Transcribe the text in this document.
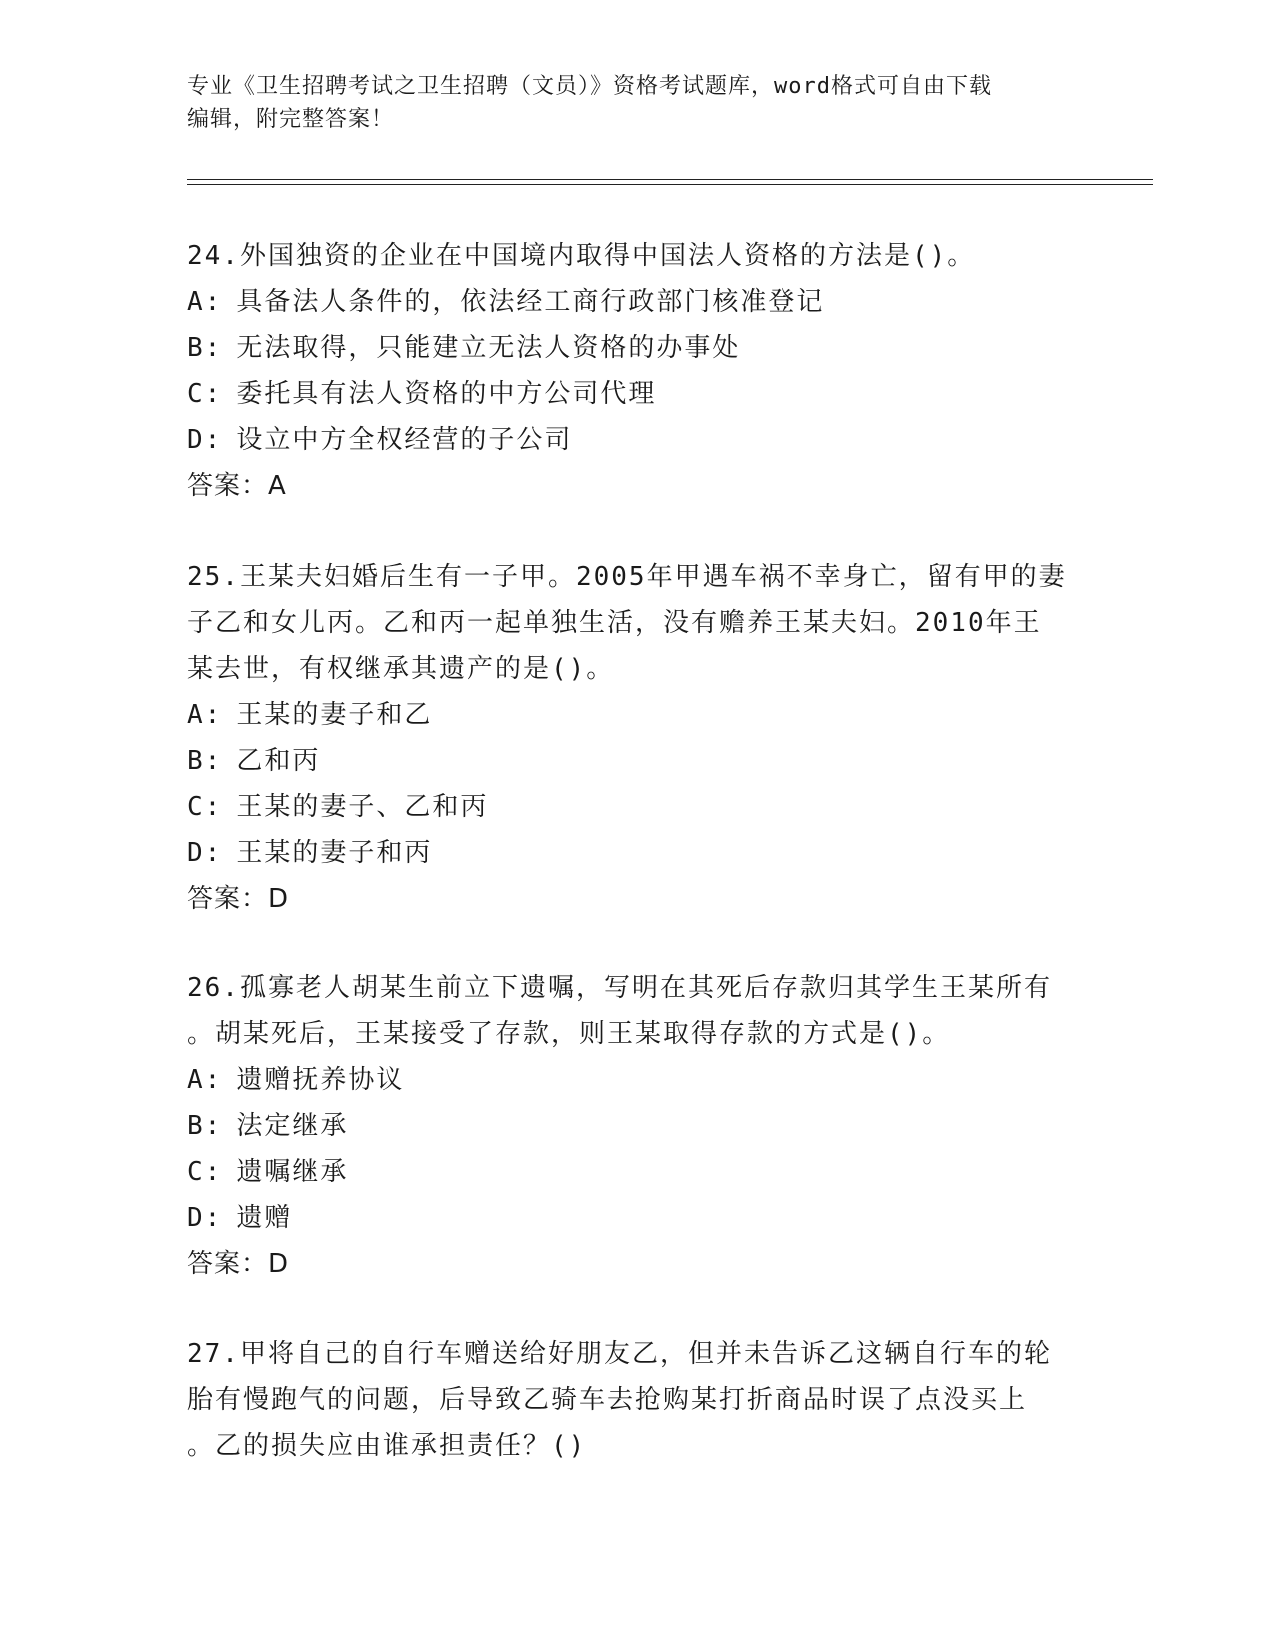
专业《卫生招聘考试之卫生招聘（文员）》资格考试题库，word格式可自由下载
编辑，附完整答案！
24.外国独资的企业在中国境内取得中国法人资格的方法是()。
A: 具备法人条件的，依法经工商行政部门核准登记
B: 无法取得，只能建立无法人资格的办事处
C: 委托具有法人资格的中方公司代理
D: 设立中方全权经营的子公司
答案：A
25.王某夫妇婚后生有一子甲。2005年甲遇车祸不幸身亡，留有甲的妻
子乙和女儿丙。乙和丙一起单独生活，没有赡养王某夫妇。2010年王
某去世，有权继承其遗产的是()。
A: 王某的妻子和乙
B: 乙和丙
C: 王某的妻子、乙和丙
D: 王某的妻子和丙
答案：D
26.孤寡老人胡某生前立下遗嘱，写明在其死后存款归其学生王某所有
。胡某死后，王某接受了存款，则王某取得存款的方式是()。
A: 遗赠抚养协议
B: 法定继承
C: 遗嘱继承
D: 遗赠
答案：D
27.甲将自己的自行车赠送给好朋友乙，但并未告诉乙这辆自行车的轮
胎有慢跑气的问题，后导致乙骑车去抢购某打折商品时误了点没买上
。乙的损失应由谁承担责任？()
